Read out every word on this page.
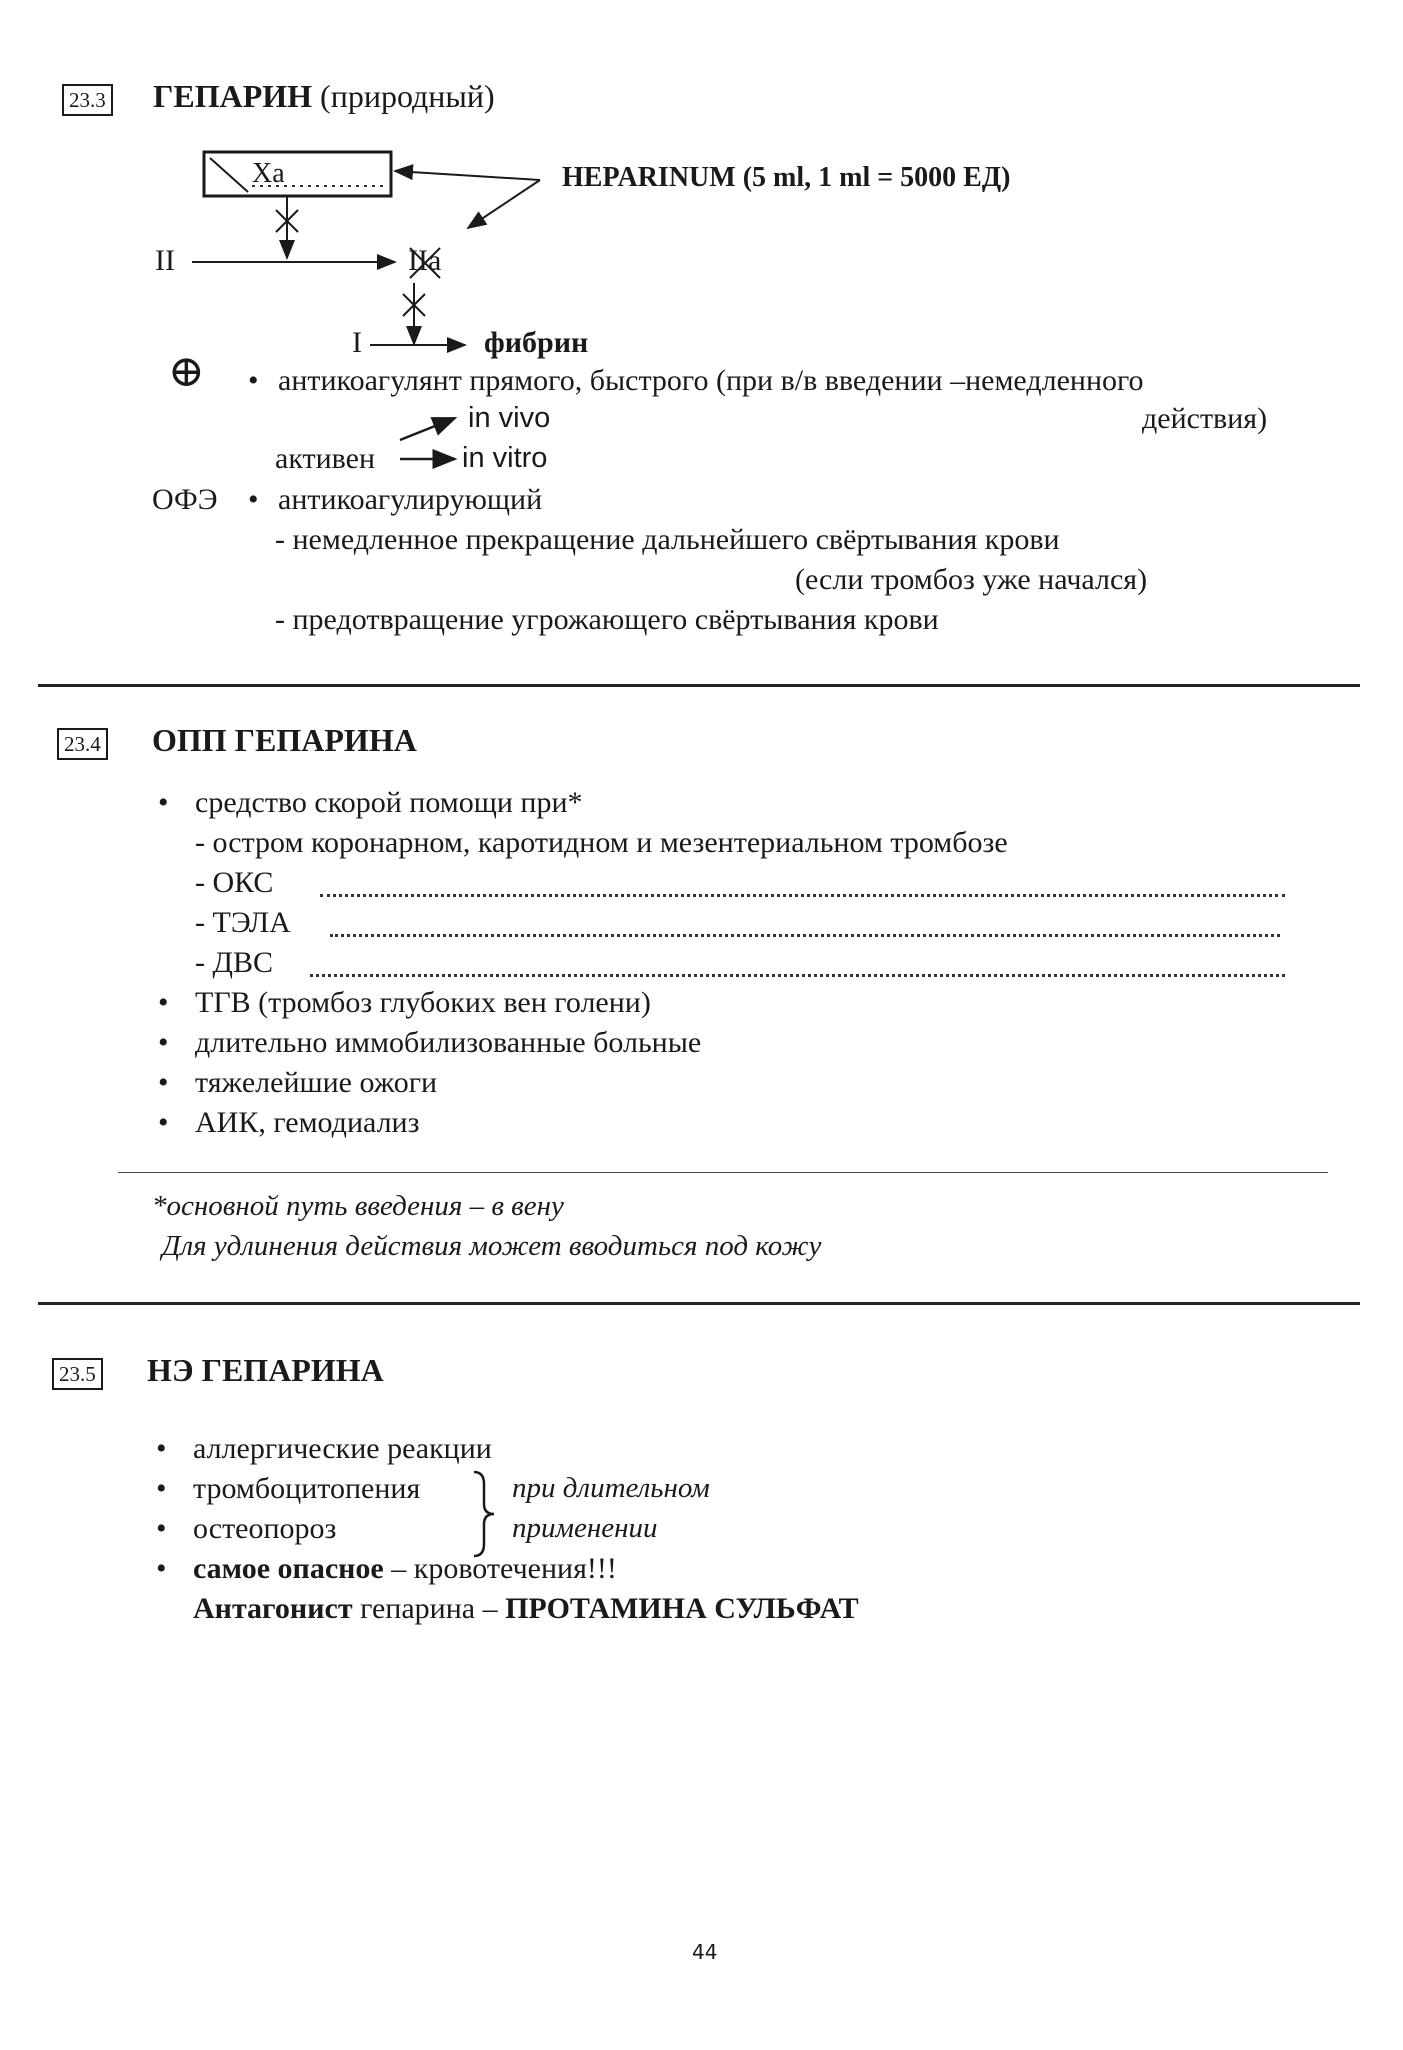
23.3 ГЕПАРИН (природный)
Xa	HEPARINUM (5 ml, 1 ml = 5000 ЕД)
II	IIa
I	фибрин
⊕ • антикоагулянт прямого, быстрого (при в/в введении –немедленного
in vivo	действия)
активен	in vitro
ОФЭ • антикоагулирующий
- немедленное прекращение дальнейшего свёртывания крови
(если тромбоз уже начался)
- предотвращение угрожающего свёртывания крови
23.4 ОПП ГЕПАРИНА
• средство скорой помощи при*
- остром коронарном, каротидном и мезентериальном тромбозе
- ОКС
- ТЭЛА
- ДВС
• ТГВ (тромбоз глубоких вен голени)
• длительно иммобилизованные больные
• тяжелейшие ожоги
• АИК, гемодиализ
*основной путь введения – в вену
Для удлинения действия может вводиться под кожу
23.5 НЭ ГЕПАРИНА
• аллергические реакции
• тромбоцитопения
• остеопороз
при длительном
применении
• самое опасное – кровотечения!!!
Антагонист гепарина – ПРОТАМИНА СУЛЬФАТ
44
